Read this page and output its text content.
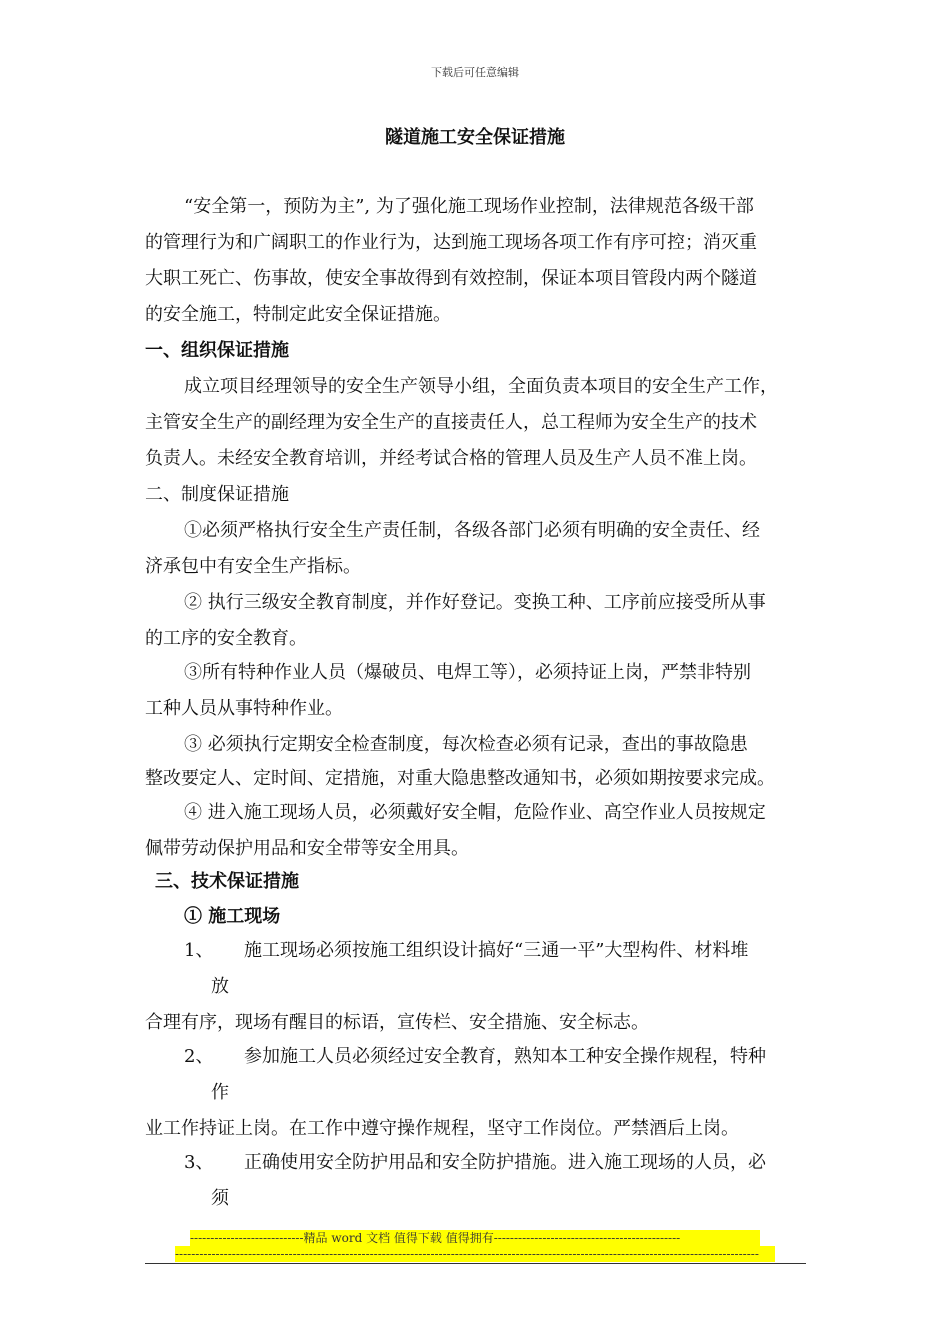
下载后可任意编辑
隧道施工安全保证措施
“安全第一，预防为主”, 为了强化施工现场作业控制，法律规范各级干部
的管理行为和广阔职工的作业行为，达到施工现场各项工作有序可控；消灭重
大职工死亡、伤事故，使安全事故得到有效控制，保证本项目管段内两个隧道
的安全施工，特制定此安全保证措施。
一、组织保证措施
成立项目经理领导的安全生产领导小组，全面负责本项目的安全生产工作，
主管安全生产的副经理为安全生产的直接责任人，总工程师为安全生产的技术
负责人。未经安全教育培训，并经考试合格的管理人员及生产人员不准上岗。
二、制度保证措施
①必须严格执行安全生产责任制，各级各部门必须有明确的安全责任、经
济承包中有安全生产指标。
② 执行三级安全教育制度，并作好登记。变换工种、工序前应接受所从事
的工序的安全教育。
③所有特种作业人员（爆破员、电焊工等），必须持证上岗，严禁非特别
工种人员从事特种作业。
③ 必须执行定期安全检查制度，每次检查必须有记录，查出的事故隐患
整改要定人、定时间、定措施，对重大隐患整改通知书，必须如期按要求完成。
④ 进入施工现场人员，必须戴好安全帽，危险作业、高空作业人员按规定
佩带劳动保护用品和安全带等安全用具。
三、技术保证措施
① 施工现场
1、 施工现场必须按施工组织设计搞好“三通一平”大型构件、材料堆
放
合理有序，现场有醒目的标语，宣传栏、安全措施、安全标志。
2、 参加施工人员必须经过安全教育，熟知本工种安全操作规程，特种
作
业工作持证上岗。在工作中遵守操作规程，坚守工作岗位。严禁酒后上岗。
3、 正确使用安全防护用品和安全防护措施。进入施工现场的人员，必
须
----------------------------精品 word 文档 值得下载 值得拥有----------------------------------------------
------------------------------------------------------------------------------------------------------------------------------------------------
